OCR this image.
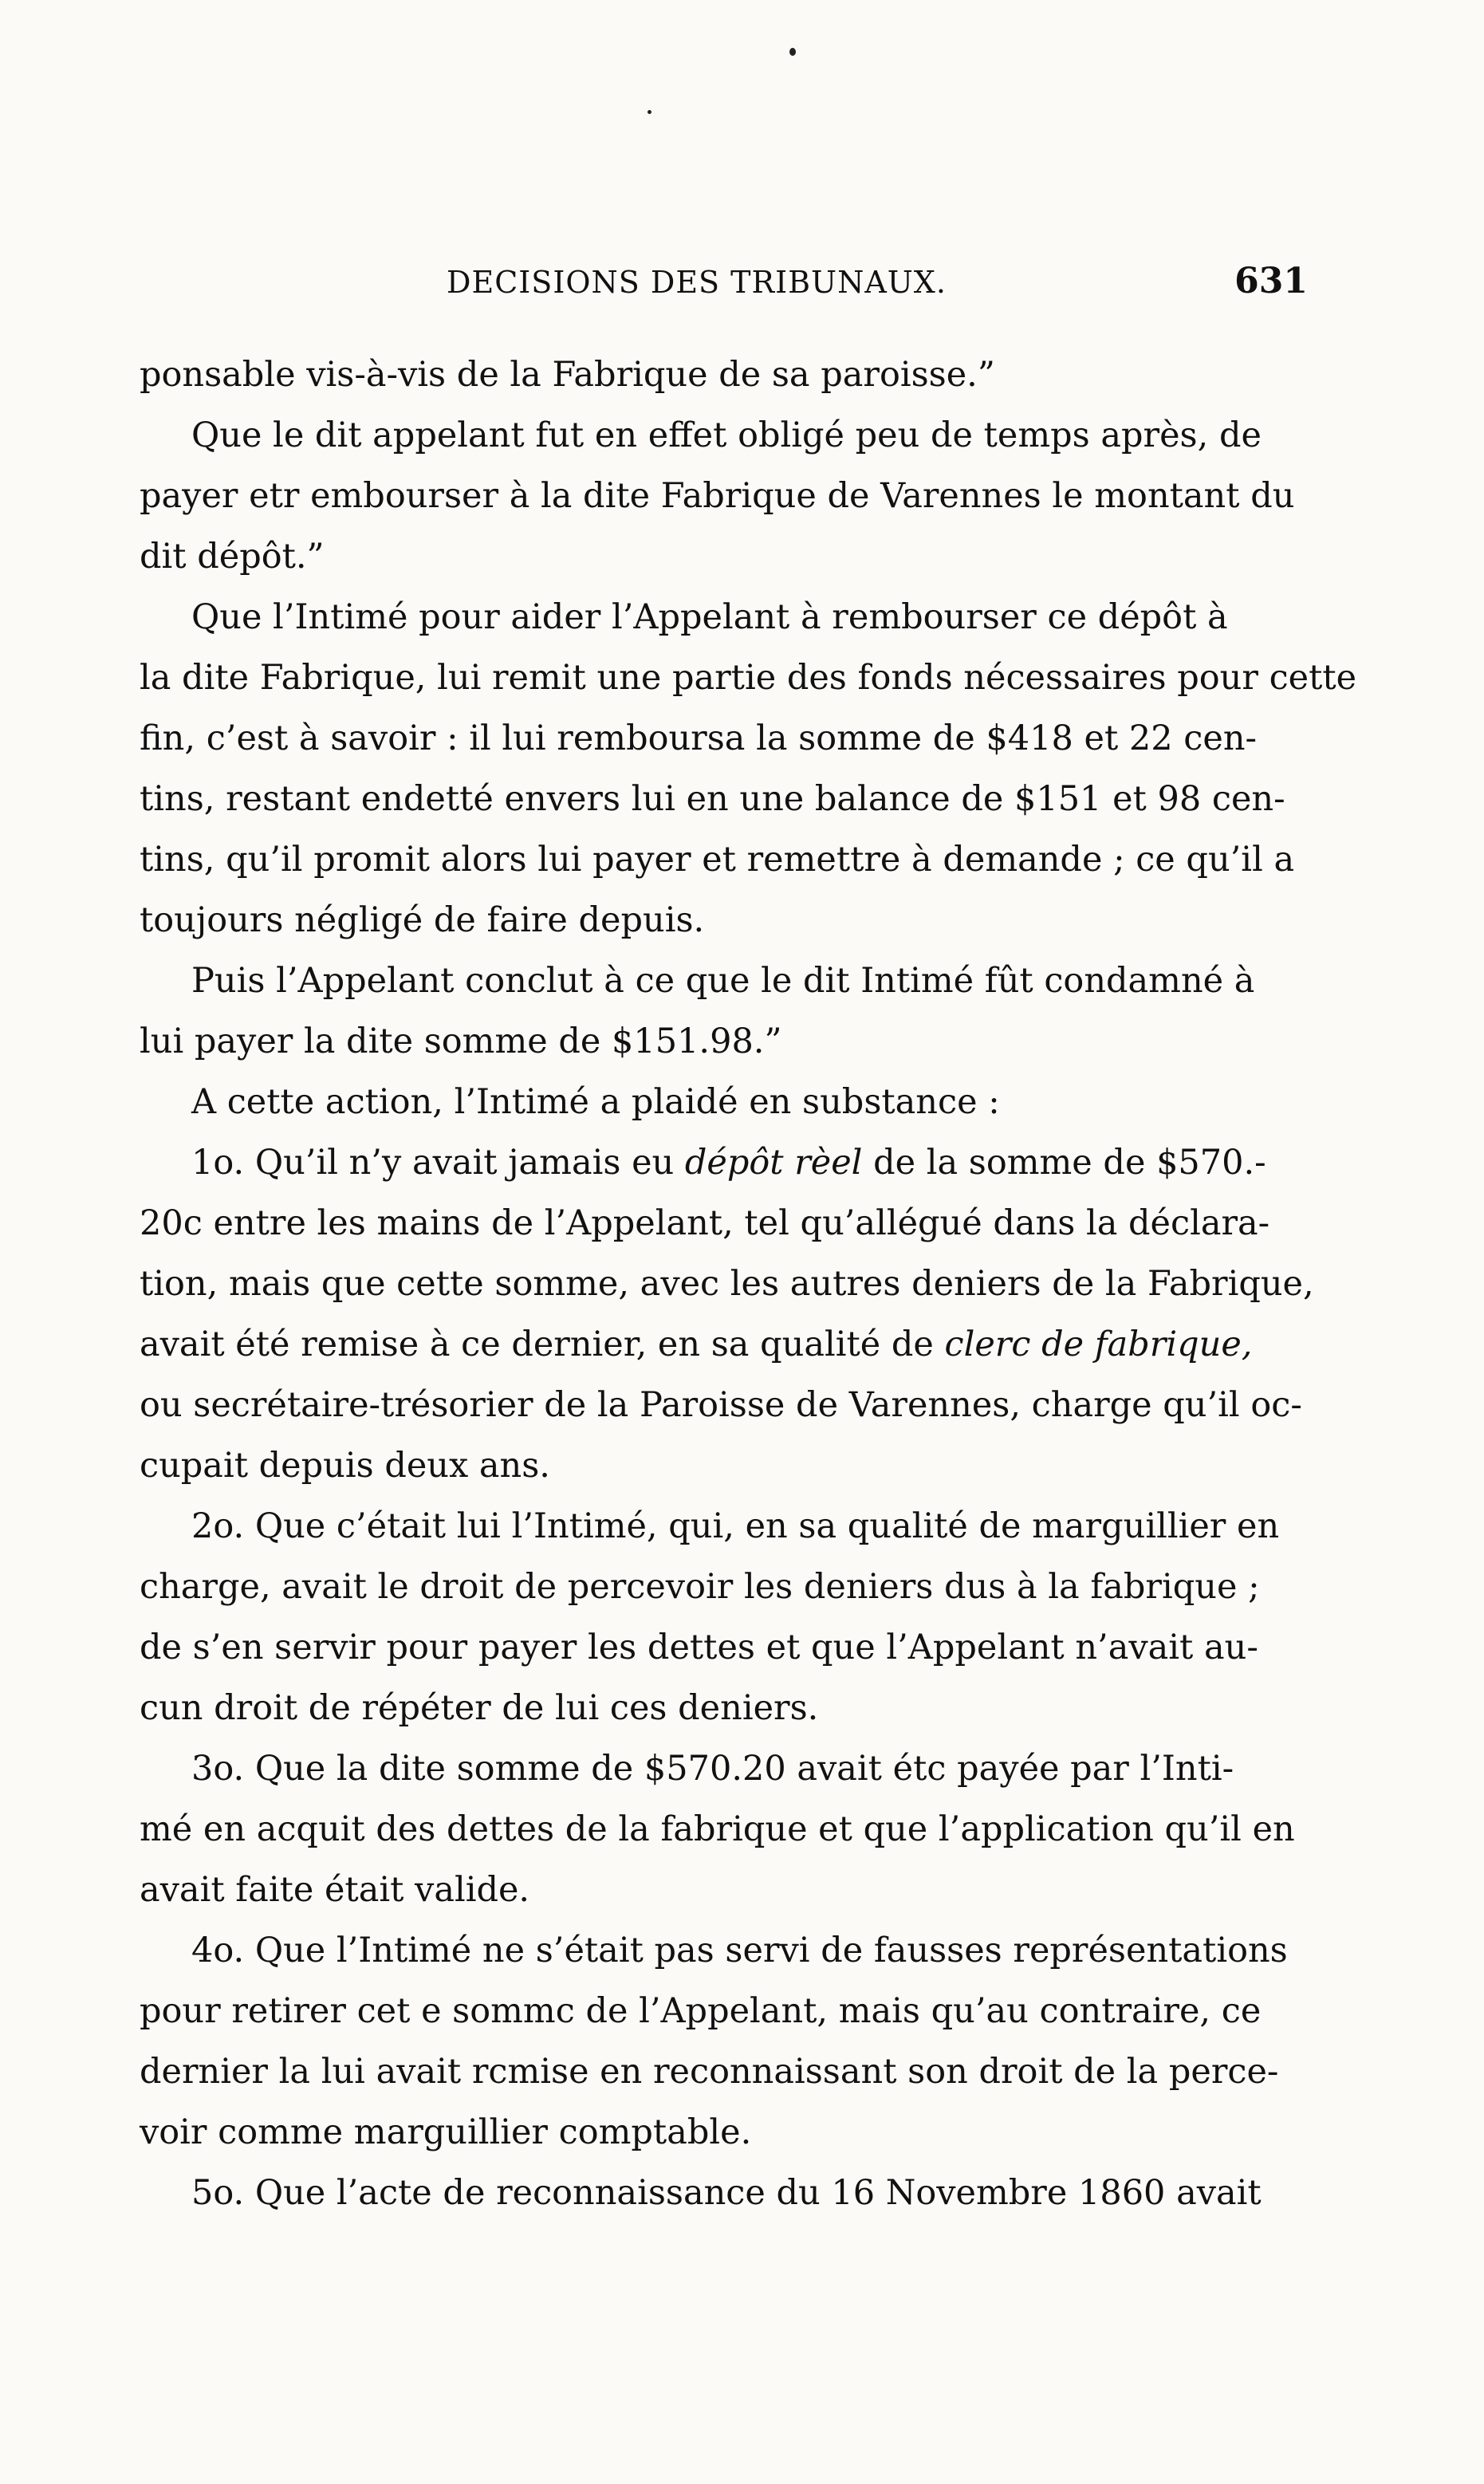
DECISIONS DES TRIBUNAUX.	631
ponsable vis-à-vis de la Fabrique de sa paroisse.”
Que le dit appelant fut en effet obligé peu de temps après, de
payer etr embourser à la dite Fabrique de Varennes le montant du
dit dépôt.”
Que l’Intimé pour aider l’Appelant à rembourser ce dépôt à
la dite Fabrique, lui remit une partie des fonds nécessaires pour cette
fin, c’est à savoir : il lui remboursa la somme de $418 et 22 cen-
tins, restant endetté envers lui en une balance de $151 et 98 cen-
tins, qu’il promit alors lui payer et remettre à demande ; ce qu’il a
toujours négligé de faire depuis.
Puis l’Appelant conclut à ce que le dit Intimé fût condamné à
lui payer la dite somme de $151.98.”
A cette action, l’Intimé a plaidé en substance :
1o. Qu’il n’y avait jamais eu dépôt rèel de la somme de $570.-
20c entre les mains de l’Appelant, tel qu’allégué dans la déclara-
tion, mais que cette somme, avec les autres deniers de la Fabrique,
avait été remise à ce dernier, en sa qualité de clerc de fabrique,
ou secrétaire-trésorier de la Paroisse de Varennes, charge qu’il oc-
cupait depuis deux ans.
2o. Que c’était lui l’Intimé, qui, en sa qualité de marguillier en
charge, avait le droit de percevoir les deniers dus à la fabrique ;
de s’en servir pour payer les dettes et que l’Appelant n’avait au-
cun droit de répéter de lui ces deniers.
3o. Que la dite somme de $570.20 avait étc payée par l’Inti-
mé en acquit des dettes de la fabrique et que l’application qu’il en
avait faite était valide.
4o. Que l’Intimé ne s’était pas servi de fausses représentations
pour retirer cet e sommc de l’Appelant, mais qu’au contraire, ce
dernier la lui avait rcmise en reconnaissant son droit de la perce-
voir comme marguillier comptable.
5o. Que l’acte de reconnaissance du 16 Novembre 1860 avait
